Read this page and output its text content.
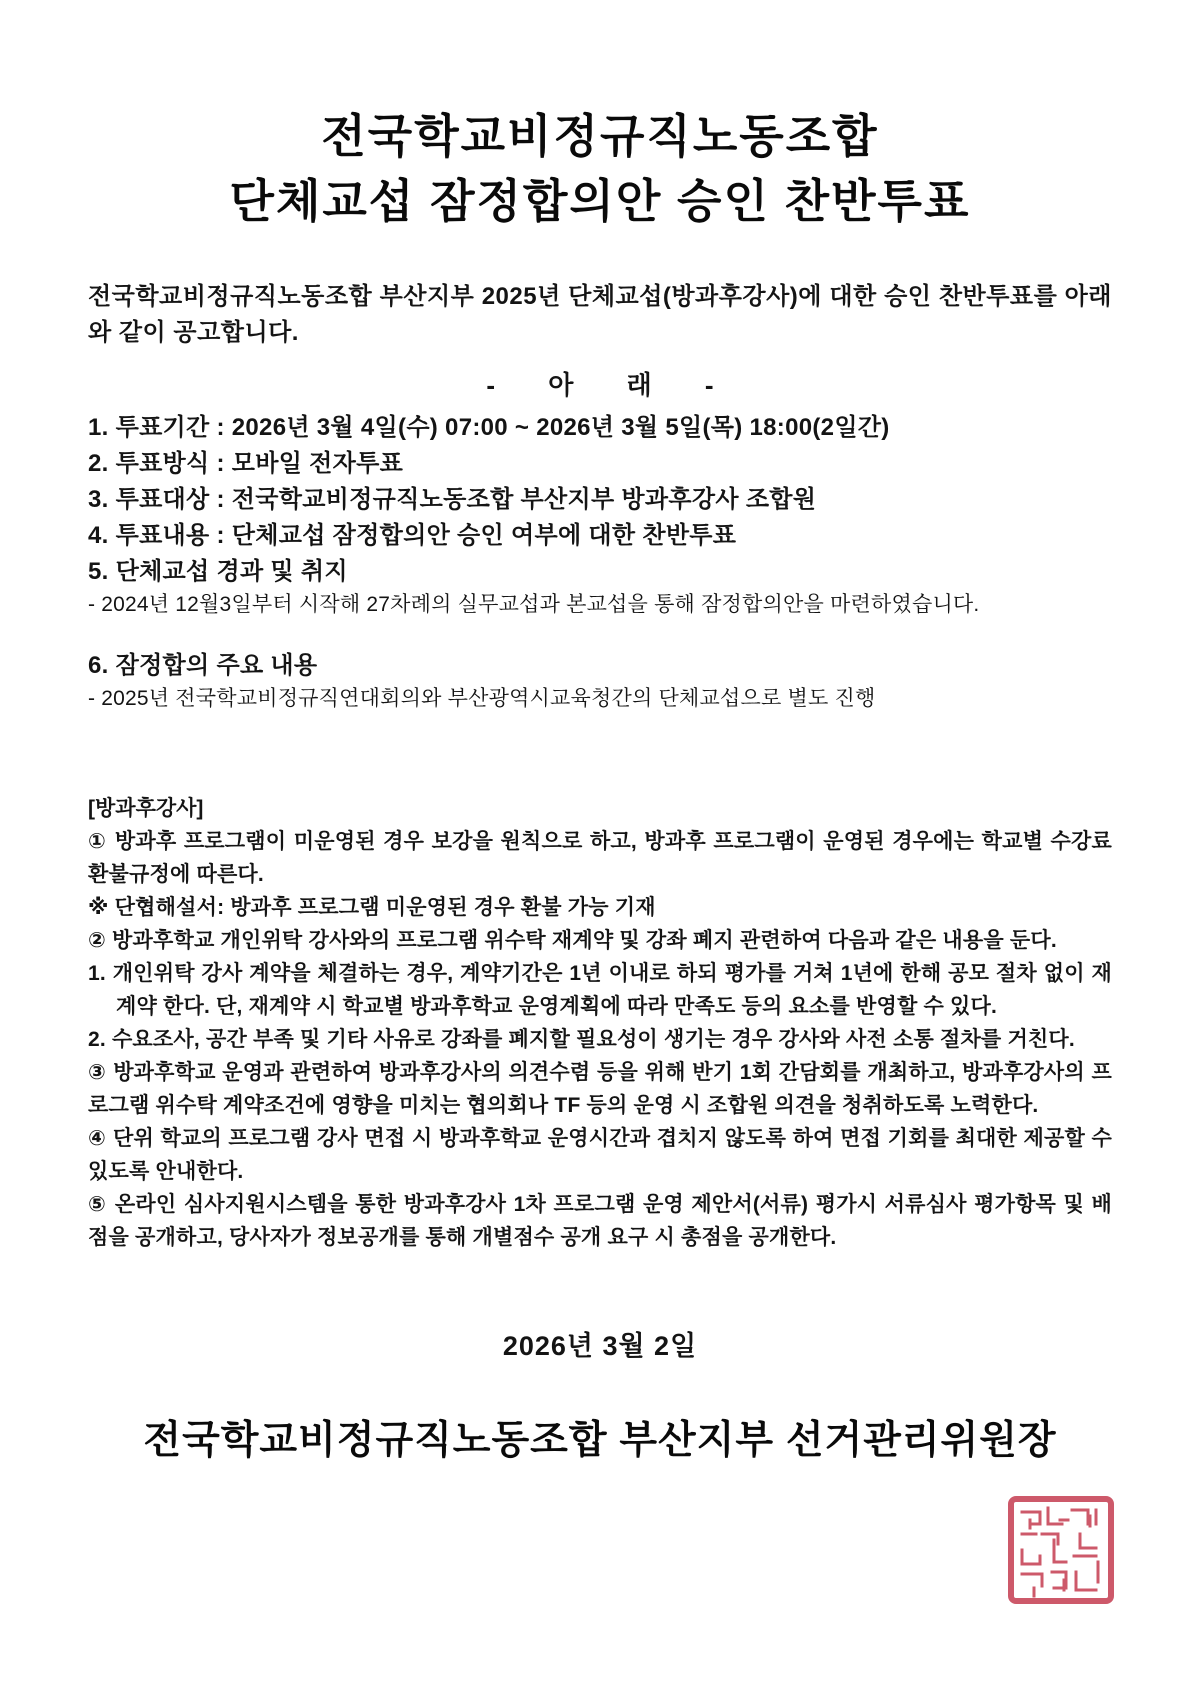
전국학교비정규직노동조합
단체교섭 잠정합의안 승인 찬반투표

전국학교비정규직노동조합 부산지부 2025년 단체교섭(방과후강사)에 대한 승인 찬반투표를 아래와 같이 공고합니다.

- 아 래 -

1. 투표기간 : 2026년 3월 4일(수) 07:00 ~ 2026년 3월 5일(목) 18:00(2일간)

2. 투표방식 : 모바일 전자투표

3. 투표대상 : 전국학교비정규직노동조합 부산지부 방과후강사 조합원

4. 투표내용 : 단체교섭 잠정합의안 승인 여부에 대한 찬반투표

5. 단체교섭 경과 및 취지

- 2024년 12월3일부터 시작해 27차례의 실무교섭과 본교섭을 통해 잠정합의안을 마련하였습니다.

6. 잠정합의 주요 내용

- 2025년 전국학교비정규직연대회의와 부산광역시교육청간의 단체교섭으로 별도 진행

[방과후강사]

① 방과후 프로그램이 미운영된 경우 보강을 원칙으로 하고, 방과후 프로그램이 운영된 경우에는 학교별 수강료 환불규정에 따른다.

※ 단협해설서: 방과후 프로그램 미운영된 경우 환불 가능 기재

② 방과후학교 개인위탁 강사와의 프로그램 위수탁 재계약 및 강좌 폐지 관련하여 다음과 같은 내용을 둔다.

1. 개인위탁 강사 계약을 체결하는 경우, 계약기간은 1년 이내로 하되 평가를 거쳐 1년에 한해 공모 절차 없이 재계약 한다. 단, 재계약 시 학교별 방과후학교 운영계획에 따라 만족도 등의 요소를 반영할 수 있다.

2. 수요조사, 공간 부족 및 기타 사유로 강좌를 폐지할 필요성이 생기는 경우 강사와 사전 소통 절차를 거친다.

③ 방과후학교 운영과 관련하여 방과후강사의 의견수렴 등을 위해 반기 1회 간담회를 개최하고, 방과후강사의 프로그램 위수탁 계약조건에 영향을 미치는 협의회나 TF 등의 운영 시 조합원 의견을 청취하도록 노력한다.

④ 단위 학교의 프로그램 강사 면접 시 방과후학교 운영시간과 겹치지 않도록 하여 면접 기회를 최대한 제공할 수 있도록 안내한다.

⑤ 온라인 심사지원시스템을 통한 방과후강사 1차 프로그램 운영 제안서(서류) 평가시 서류심사 평가항목 및 배점을 공개하고, 당사자가 정보공개를 통해 개별점수 공개 요구 시 총점을 공개한다.

2026년 3월 2일

전국학교비정규직노동조합 부산지부 선거관리위원장
